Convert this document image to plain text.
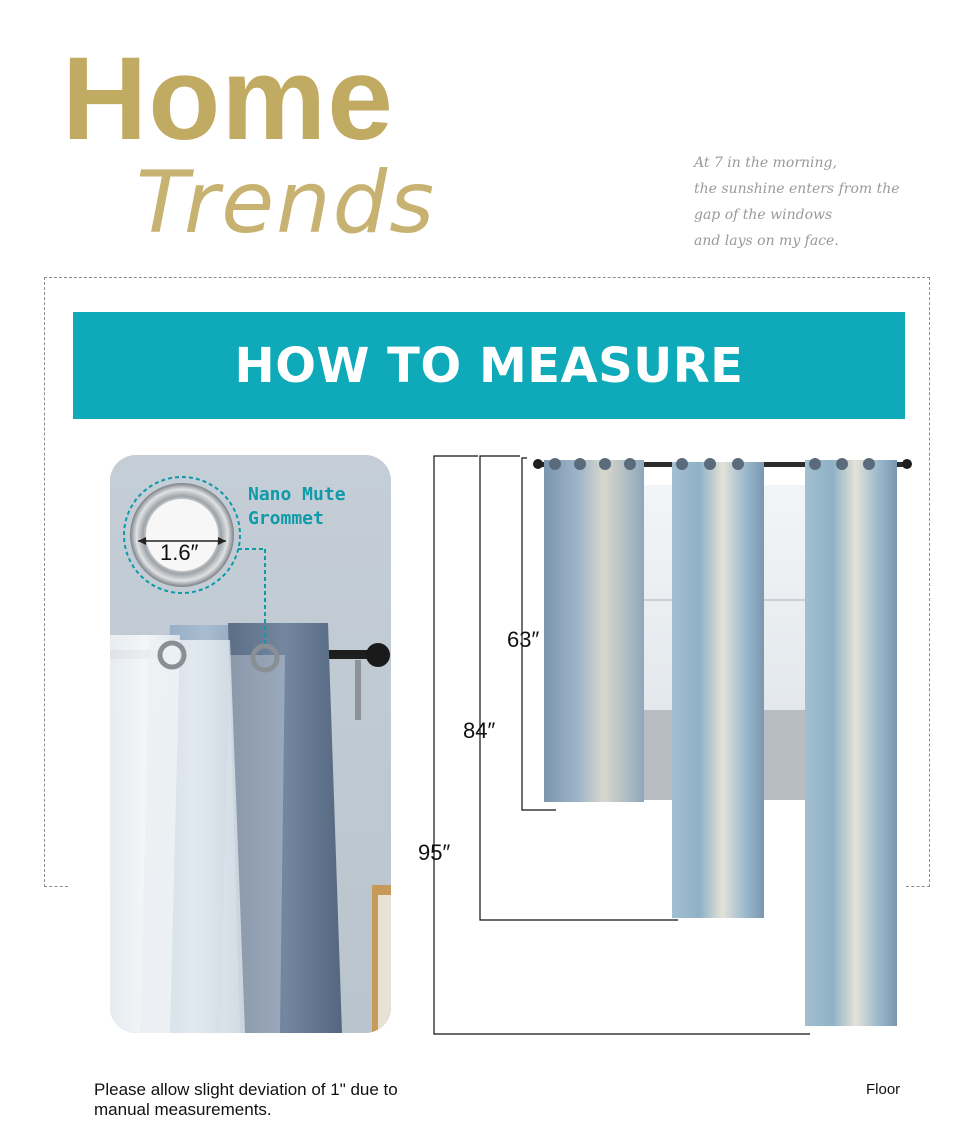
Home
Trends	At 7 in the morning,
the sunshine enters from the
gap of the windows
and lays on my face.
HOW TO MEASURE
1.6″
Nano Mute
Grommet
63″
84″
95″
Please allow slight deviation of 1" due to manual measurements.
Floor
